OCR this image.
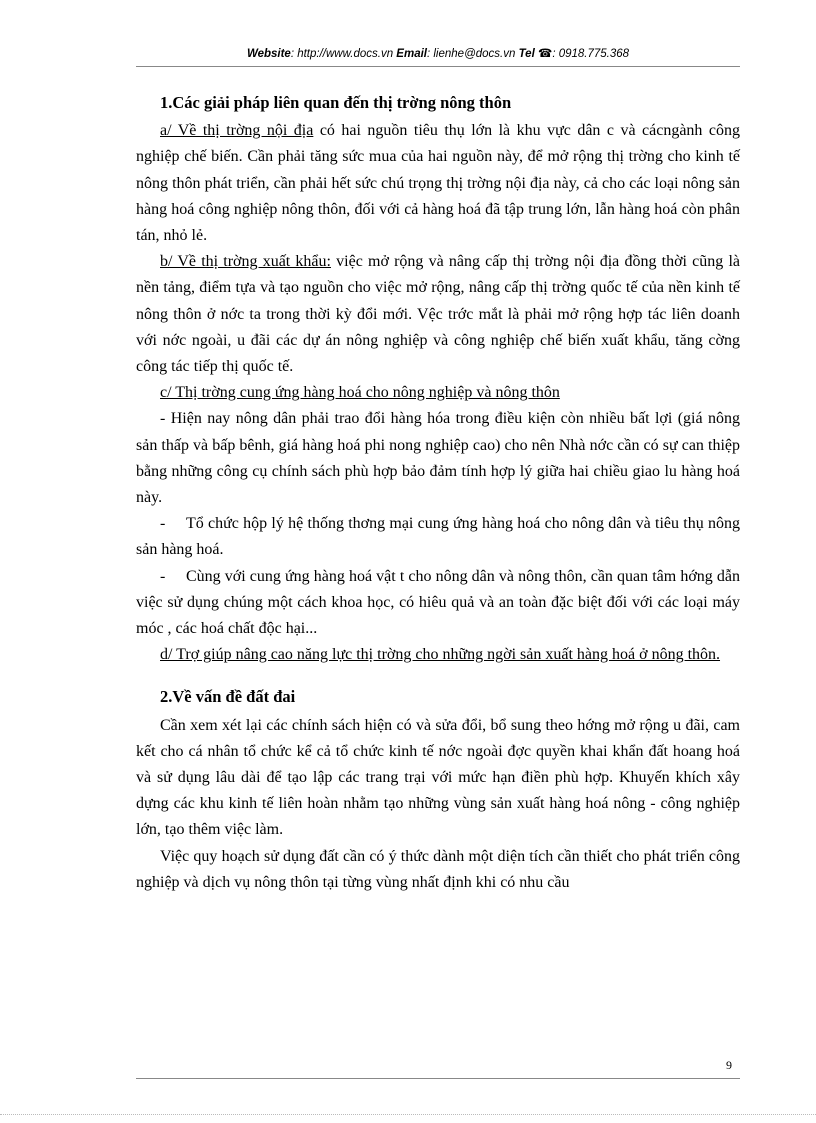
Website: http://www.docs.vn Email: lienhe@docs.vn Tel ☎: 0918.775.368
1.Các giải pháp liên quan đến thị trờng nông thôn

a/ Về thị trờng nội địa có hai nguồn tiêu thụ lớn là khu vực dân c và cácngành công nghiệp chế biến. Cần phải tăng sức mua của hai nguồn này, để mở rộng thị trờng cho kinh tế nông thôn phát triển, cần phải hết sức chú trọng thị trờng nội địa này, cả cho các loại nông sản hàng hoá công nghiệp nông thôn, đối với cả hàng hoá đã tập trung lớn, lẫn hàng hoá còn phân tán, nhỏ lẻ.

b/ Về thị trờng xuất khẩu: việc mở rộng và nâng cấp thị trờng nội địa đồng thời cũng là nền tảng, điểm tựa và tạo nguồn cho việc mở rộng, nâng cấp thị trờng quốc tế của nền kinh tế nông thôn ở nớc ta trong thời kỳ đổi mới. Vệc trớc mắt là phải mở rộng hợp tác liên doanh với nớc ngoài, u đãi các dự án nông nghiệp và công nghiệp chế biến xuất khẩu, tăng cờng công tác tiếp thị quốc tế.

c/ Thị trờng cung ứng hàng hoá cho nông nghiệp và nông thôn

- Hiện nay nông dân phải trao đổi hàng hóa trong điều kiện còn nhiều bất lợi (giá nông sản thấp và bấp bênh, giá hàng hoá phi nong nghiệp cao) cho nên Nhà nớc cần có sự can thiệp bằng những công cụ chính sách phù hợp bảo đảm tính hợp lý giữa hai chiều giao lu hàng hoá này.

- Tổ chức hộp lý hệ thống thơng mại cung ứng hàng hoá cho nông dân và tiêu thụ nông sản hàng hoá.

- Cùng với cung ứng hàng hoá vật t cho nông dân và nông thôn, cần quan tâm hớng dẫn việc sử dụng chúng một cách khoa học, có hiêu quả và an toàn đặc biệt đối với các loại máy móc , các hoá chất độc hại...

d/ Trợ giúp nâng cao năng lực thị trờng cho những ngời sản xuất hàng hoá ở nông thôn.

2.Về vấn đề đất đai

Cần xem xét lại các chính sách hiện có và sửa đổi, bổ sung theo hớng mở rộng u đãi, cam kết cho cá nhân tổ chức kể cả tổ chức kinh tế nớc ngoài đợc quyền khai khẩn đất hoang hoá và sử dụng lâu dài để tạo lập các trang trại với mức hạn điền phù hợp. Khuyến khích xây dựng các khu kinh tế liên hoàn nhằm tạo những vùng sản xuất hàng hoá nông - công nghiệp lớn, tạo thêm việc làm.

Việc quy hoạch sử dụng đất cần có ý thức dành một diện tích cần thiết cho phát triển công nghiệp và dịch vụ nông thôn tại từng vùng nhất định khi có nhu cầu

9
